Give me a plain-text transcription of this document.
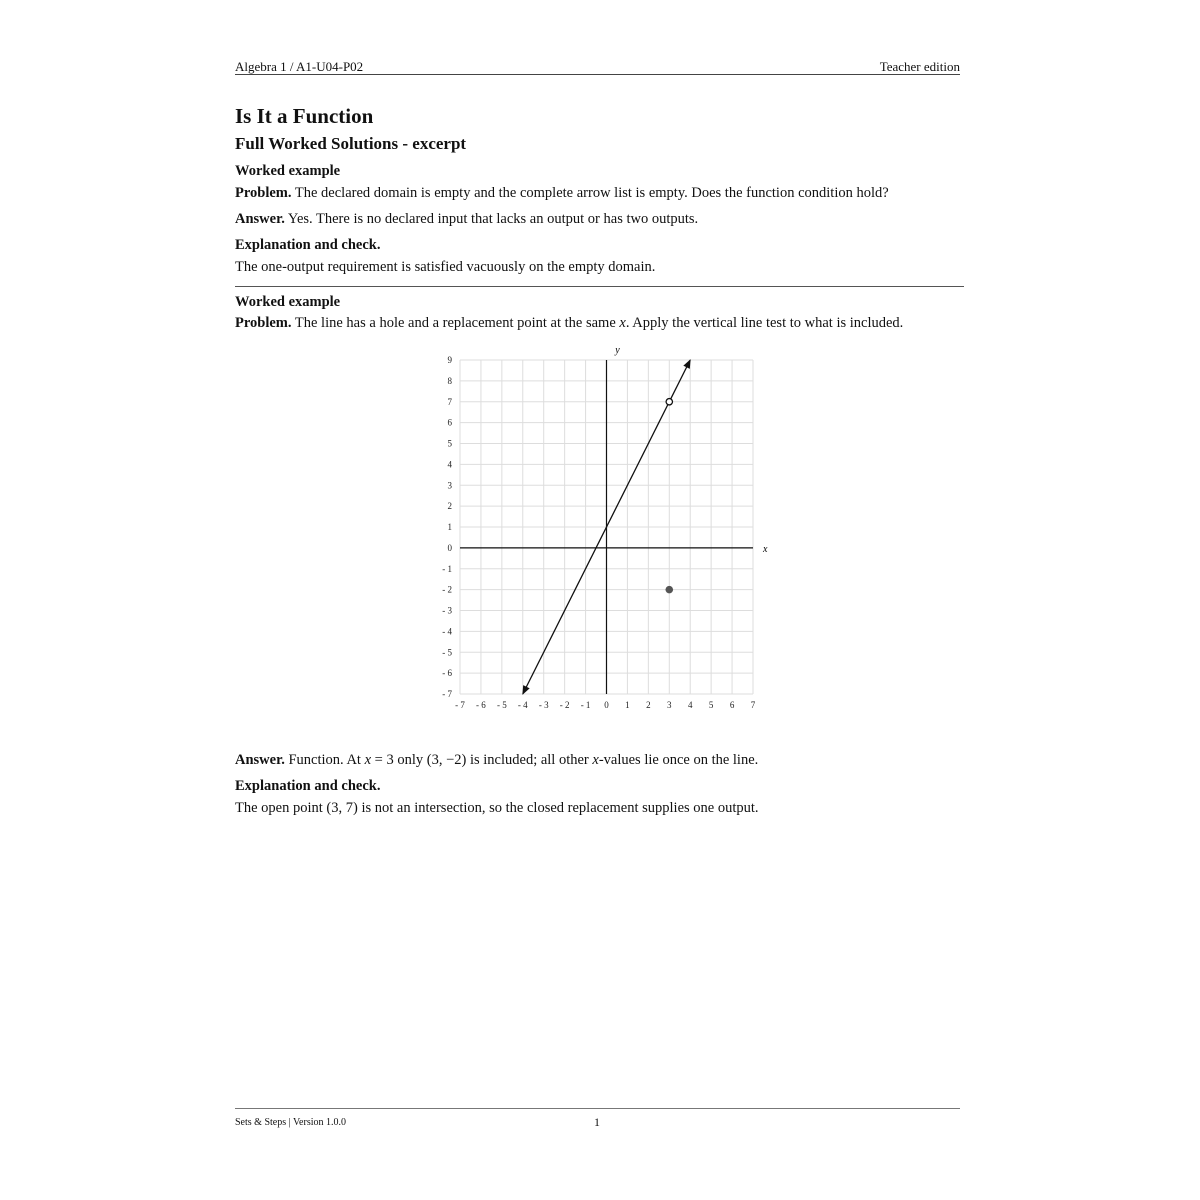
Algebra 1 / A1-U04-P02	Teacher edition
Is It a Function
Full Worked Solutions - excerpt
Worked example

Problem. The declared domain is empty and the complete arrow list is empty. Does the function condition hold?

Answer. Yes. There is no declared input that lacks an output or has two outputs.

Explanation and check.

The one-output requirement is satisfied vacuously on the empty domain.

Worked example

Problem. The line has a hole and a replacement point at the same x. Apply the vertical line test to what is included.

- 7 - 6 - 5 - 4 - 3 - 2 - 1 0 1 2 3 4 5 6 7
- 7
- 6
- 5
- 4
- 3
- 2
- 1
0
1
2
3
4
5
6
7
8
9
x
y

Answer. Function. At x = 3 only (3, −2) is included; all other x-values lie once on the line.

Explanation and check.

The open point (3, 7) is not an intersection, so the closed replacement supplies one output.

Sets & Steps | Version 1.0.0	1
